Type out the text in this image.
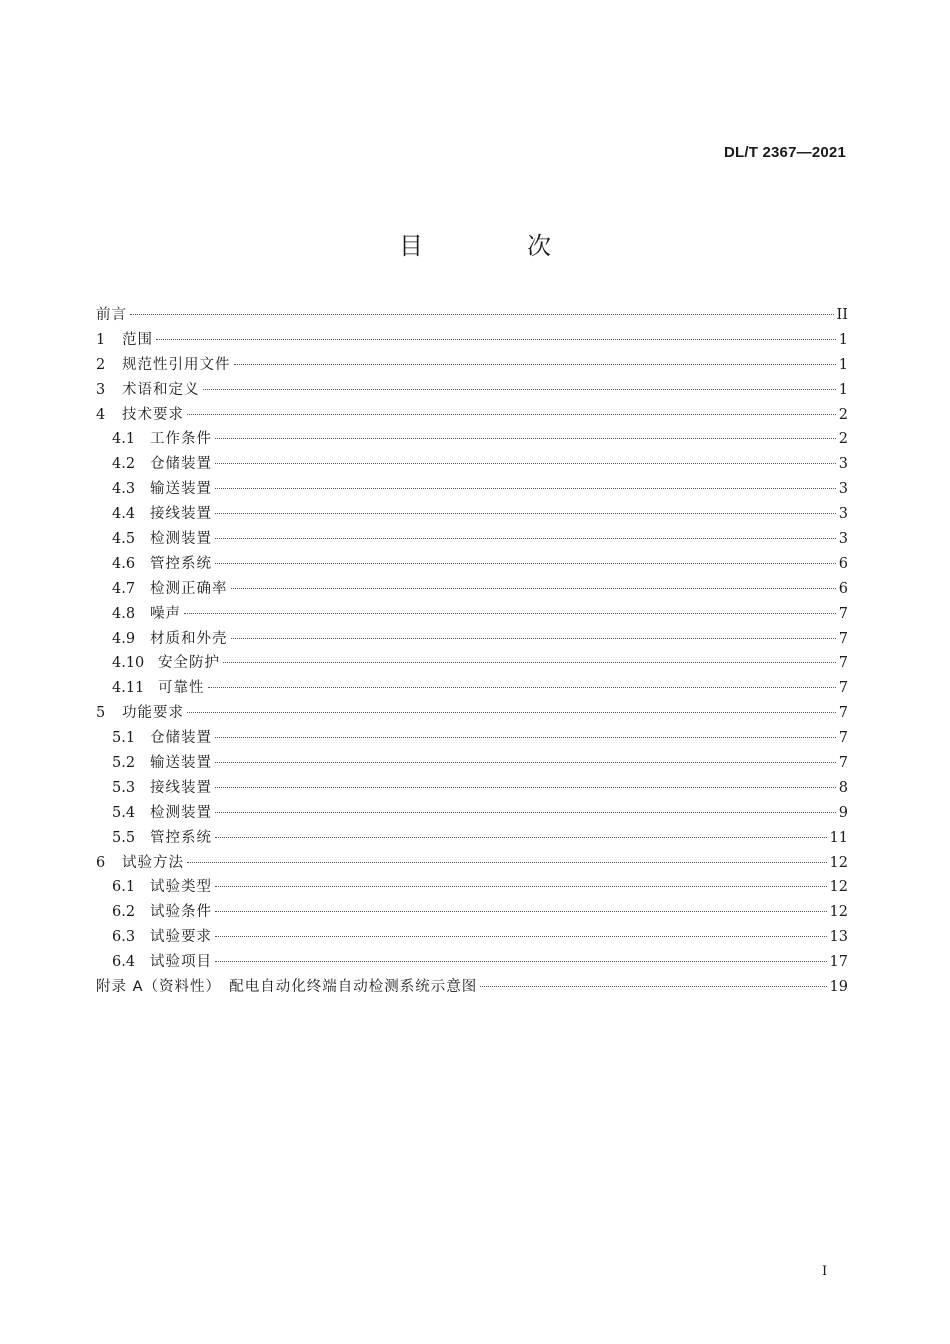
DL/T 2367—2021
目　次
前言	II
1	范围	1
2	规范性引用文件	1
3	术语和定义	1
4	技术要求	2
4.1	工作条件	2
4.2	仓储装置	3
4.3	输送装置	3
4.4	接线装置	3
4.5	检测装置	3
4.6	管控系统	6
4.7	检测正确率	6
4.8	噪声	7
4.9	材质和外壳	7
4.10 安全防护	7
4.11 可靠性	7
5	功能要求	7
5.1	仓储装置	7
5.2	输送装置	7
5.3	接线装置	8
5.4	检测装置	9
5.5	管控系统	11
6	试验方法	12
6.1	试验类型	12
6.2	试验条件	12
6.3	试验要求	13
6.4	试验项目	17
附录 A（资料性）　配电自动化终端自动检测系统示意图	19
I
